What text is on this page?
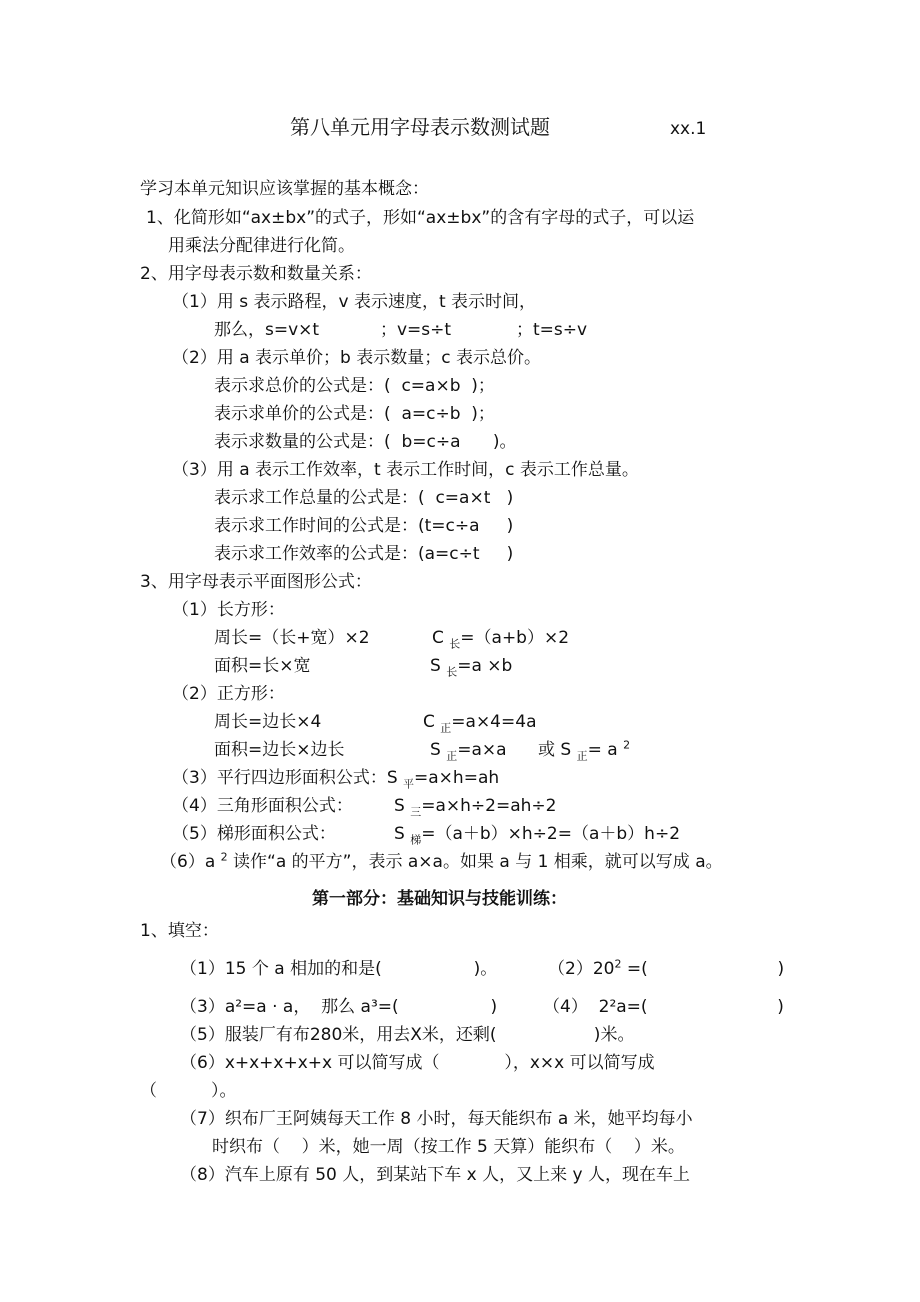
第八单元用字母表示数测试题	xx.1
学习本单元知识应该掌握的基本概念：
1、化简形如“ax±bx”的式子，形如“ax±bx”的含有字母的式子，可以运
用乘法分配律进行化简。
2、用字母表示数和数量关系：
（1）用 s 表示路程，v 表示速度，t 表示时间，
那么，s=v×t	；v=s÷t	；t=s÷v
（2）用 a 表示单价；b 表示数量；c 表示总价。
表示求总价的公式是：(  c=a×b  )；
表示求单价的公式是：(  a=c÷b  )；
表示求数量的公式是：(  b=c÷a      )。
（3）用 a 表示工作效率，t 表示工作时间，c 表示工作总量。
表示求工作总量的公式是：(  c=a×t   )
表示求工作时间的公式是：(t=c÷a     )
表示求工作效率的公式是：(a=c÷t     )
3、用字母表示平面图形公式：
（1）长方形：
周长=（长+宽）×2	C $_长$=（a+b）×2
面积=长×宽	S $_长$=a ×b
（2）正方形：
周长=边长×4	C $_正$=a×4=4a
面积=边长×边长	S $_正$=a×a 或 S $_正$= a $^2$
（3）平行四边形面积公式：S $_平$=a×h=ah
（4）三角形面积公式： S $_三$=a×h÷2=ah÷2
（5）梯形面积公式：	S $_梯$=（a＋b）×h÷2=（a＋b）h÷2
（6）a $^2$ 读作“a 的平方”，表示 a×a。如果 a 与 1 相乘，就可以写成 a。
第一部分：基础知识与技能训练：
1、填空：
（1）15 个 a 相加的和是(                 )。	$(2)20^2$ =(                        )
（3）a²=a · a，  那么 a³=(                 )	（4）  2²a=(                        )
（5）服装厂有布280米，用去X米，还剩(                  )米。
（6）x+x+x+x+x 可以简写成（            ），x×x 可以简写成
（          ）。
（7）织布厂王阿姨每天工作 8 小时，每天能织布 a 米，她平均每小
时织布（    ）米，她一周（按工作 5 天算）能织布（    ）米。
（8）汽车上原有 50 人，到某站下车 x 人，又上来 y 人，现在车上
